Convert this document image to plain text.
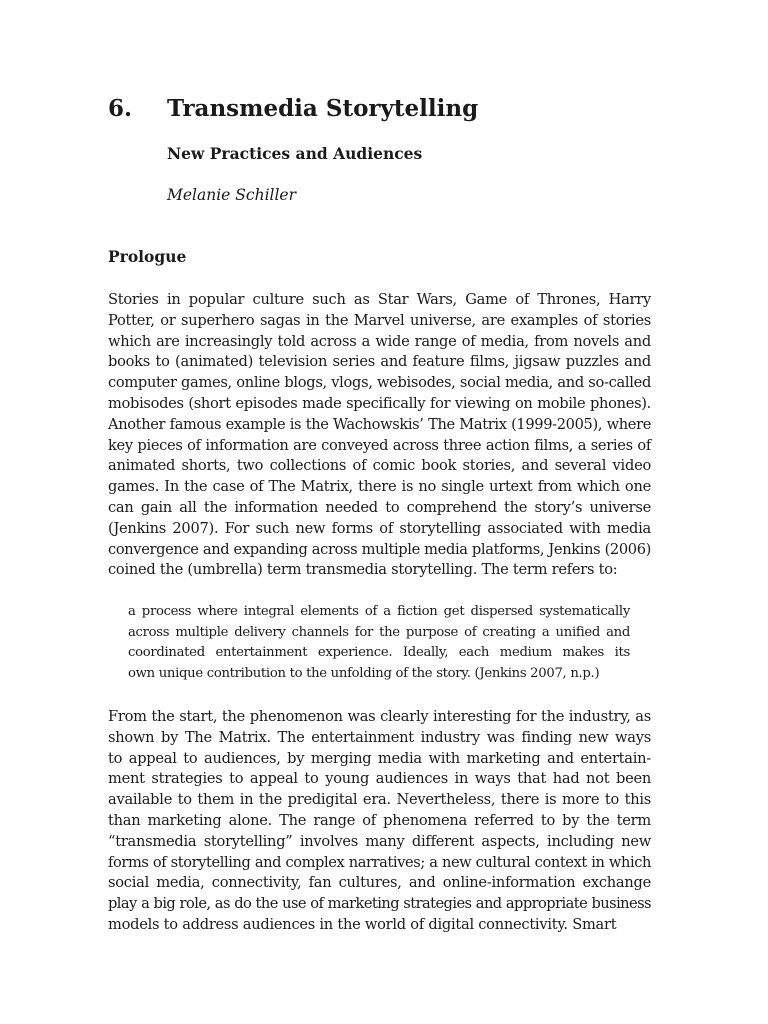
6. Transmedia Storytelling
New Practices and Audiences
Melanie Schiller
Prologue
Stories in popular culture such as Star Wars, Game of Thrones, Harry
Potter, or superhero sagas in the Marvel universe, are examples of stories
which are increasingly told across a wide range of media, from novels and
books to (animated) television series and feature films, jigsaw puzzles and
computer games, online blogs, vlogs, webisodes, social media, and so-called
mobisodes (short episodes made specifically for viewing on mobile phones).
Another famous example is the Wachowskis’ The Matrix (1999-2005), where
key pieces of information are conveyed across three action films, a series of
animated shorts, two collections of comic book stories, and several video
games. In the case of The Matrix, there is no single urtext from which one
can gain all the information needed to comprehend the story’s universe
(Jenkins 2007). For such new forms of storytelling associated with media
convergence and expanding across multiple media platforms, Jenkins (2006)
coined the (umbrella) term transmedia storytelling. The term refers to:
a process where integral elements of a fiction get dispersed systematically
across multiple delivery channels for the purpose of creating a unified and
coordinated entertainment experience. Ideally, each medium makes its
own unique contribution to the unfolding of the story. (Jenkins 2007, n.p.)
From the start, the phenomenon was clearly interesting for the industry, as
shown by The Matrix. The entertainment industry was finding new ways
to appeal to audiences, by merging media with marketing and entertain-
ment strategies to appeal to young audiences in ways that had not been
available to them in the predigital era. Nevertheless, there is more to this
than marketing alone. The range of phenomena referred to by the term
“transmedia storytelling” involves many different aspects, including new
forms of storytelling and complex narratives; a new cultural context in which
social media, connectivity, fan cultures, and online-information exchange
play a big role, as do the use of marketing strategies and appropriate business
models to address audiences in the world of digital connectivity. Smart
